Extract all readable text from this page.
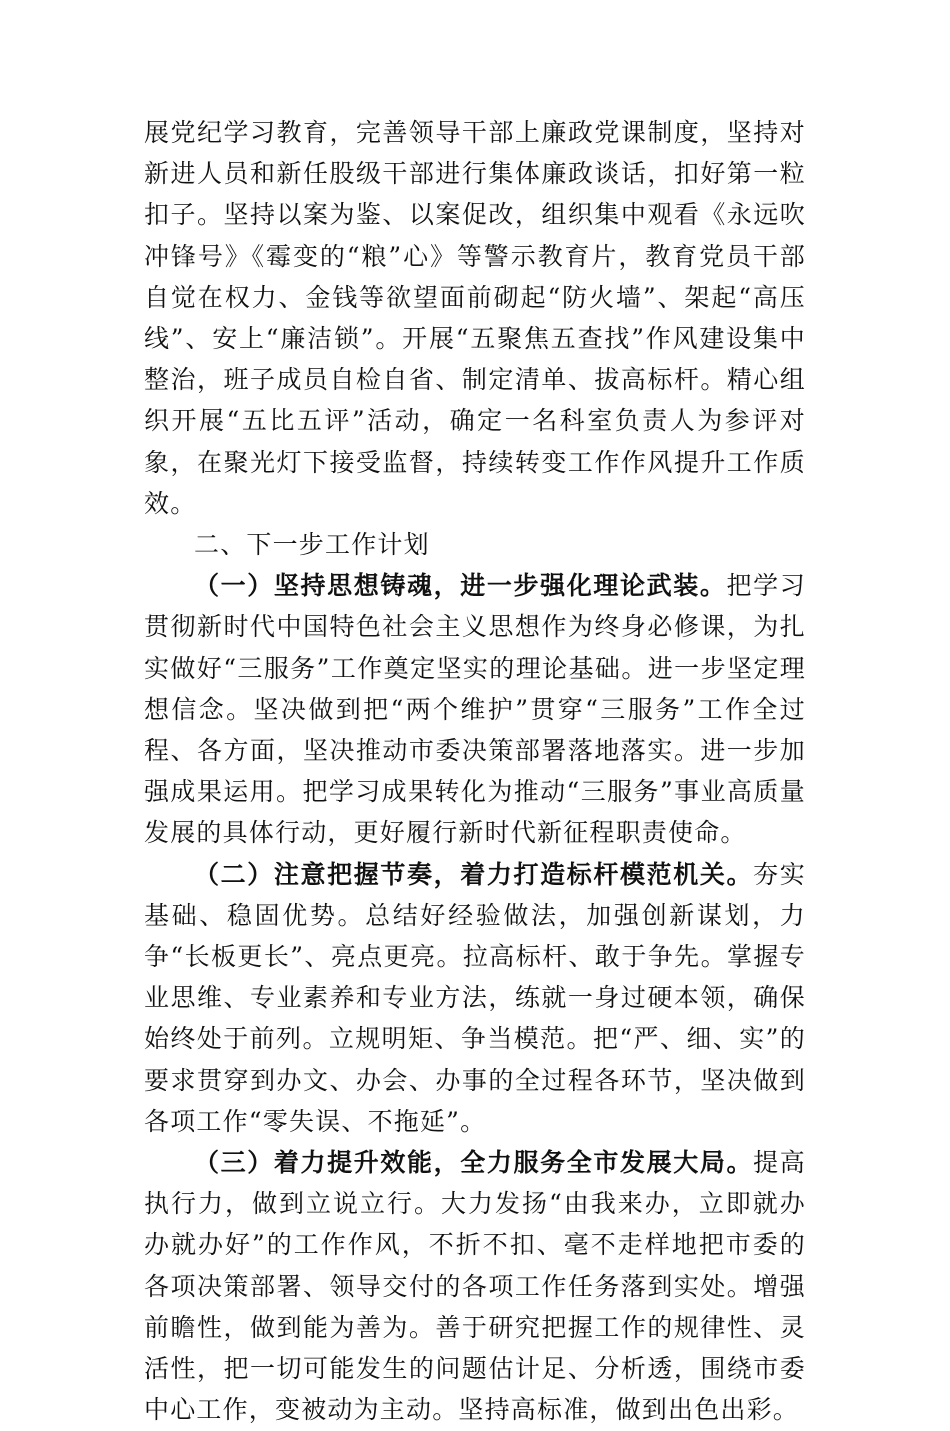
展党纪学习教育，完善领导干部上廉政党课制度，坚持对新进人员和新任股级干部进行集体廉政谈话，扣好第一粒扣子。坚持以案为鉴、以案促改，组织集中观看《永远吹冲锋号》《霉变的“粮”心》等警示教育片，教育党员干部自觉在权力、金钱等欲望面前砌起“防火墙”、架起“高压线”、安上“廉洁锁”。开展“五聚焦五查找”作风建设集中整治，班子成员自检自省、制定清单、拔高标杆。精心组织开展“五比五评”活动，确定一名科室负责人为参评对象，在聚光灯下接受监督，持续转变工作作风提升工作质效。

二、下一步工作计划

（一）坚持思想铸魂，进一步强化理论武装。把学习贯彻新时代中国特色社会主义思想作为终身必修课，为扎实做好“三服务”工作奠定坚实的理论基础。进一步坚定理想信念。坚决做到把“两个维护”贯穿“三服务”工作全过程、各方面，坚决推动市委决策部署落地落实。进一步加强成果运用。把学习成果转化为推动“三服务”事业高质量发展的具体行动，更好履行新时代新征程职责使命。

（二）注意把握节奏，着力打造标杆模范机关。夯实基础、稳固优势。总结好经验做法，加强创新谋划，力争“长板更长”、亮点更亮。拉高标杆、敢于争先。掌握专业思维、专业素养和专业方法，练就一身过硬本领，确保始终处于前列。立规明矩、争当模范。把“严、细、实”的要求贯穿到办文、办会、办事的全过程各环节，坚决做到各项工作“零失误、不拖延”。

（三）着力提升效能，全力服务全市发展大局。提高执行力，做到立说立行。大力发扬“由我来办，立即就办办就办好”的工作作风，不折不扣、毫不走样地把市委的各项决策部署、领导交付的各项工作任务落到实处。增强前瞻性，做到能为善为。善于研究把握工作的规律性、灵活性，把一切可能发生的问题估计足、分析透，围绕市委中心工作，变被动为主动。坚持高标准，做到出色出彩。
